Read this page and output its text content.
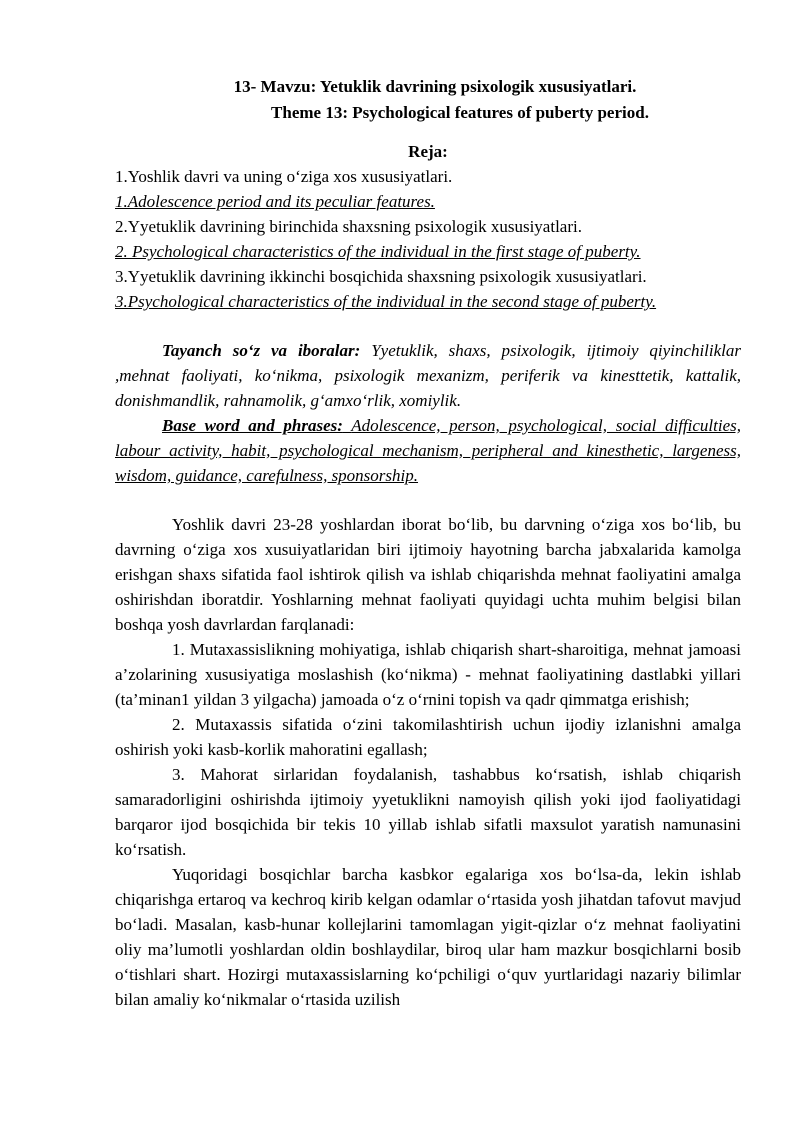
13- Mavzu: Yetuklik davrining psixologik xususiyatlari.
Theme 13: Psychological features of puberty period.
Reja:
1.Yoshlik davri va uning o‘ziga xos xususiyatlari.
1.Adolescence period and its peculiar features.
2.Yyetuklik davrining birinchida shaxsning psixologik xususiyatlari.
2. Psychological characteristics of the individual in the first stage of puberty.
3.Yyetuklik davrining ikkinchi bosqichida shaxsning psixologik xususiyatlari.
3.Psychological characteristics of the individual in the second stage of puberty.

Tayanch so‘z va iboralar: Yyetuklik, shaxs, psixologik, ijtimoiy qiyinchiliklar ,mehnat faoliyati, ko‘nikma, psixologik mexanizm, periferik va kinesttetik, kattalik, donishmandlik, rahnamolik, g‘amxo‘rlik, xomiylik.

Base word and phrases: Adolescence, person, psychological, social difficulties, labour activity, habit, psychological mechanism, peripheral and kinesthetic, largeness, wisdom, guidance, carefulness, sponsorship.

Yoshlik davri 23-28 yoshlardan iborat bo‘lib, bu darvning o‘ziga xos bo‘lib, bu davrning o‘ziga xos xusuiyatlaridan biri ijtimoiy hayotning barcha jabxalarida kamolga erishgan shaxs sifatida faol ishtirok qilish va ishlab chiqarishda mehnat faoliyatini amalga oshirishdan iboratdir. Yoshlarning mehnat faoliyati quyidagi uchta muhim belgisi bilan boshqa yosh davrlardan farqlanadi:

1. Mutaxassislikning mohiyatiga, ishlab chiqarish shart-sharoitiga, mehnat jamoasi a’zolarining xususiyatiga moslashish (ko‘nikma) - mehnat faoliyatining dastlabki yillari (ta’minan1 yildan 3 yilgacha) jamoada o‘z o‘rnini topish va qadr qimmatga erishish;

2. Mutaxassis sifatida o‘zini takomilashtirish uchun ijodiy izlanishni amalga oshirish yoki kasb-korlik mahoratini egallash;

3. Mahorat sirlaridan foydalanish, tashabbus ko‘rsatish, ishlab chiqarish samaradorligini oshirishda ijtimoiy yyetuklikni namoyish qilish yoki ijod faoliyatidagi barqaror ijod bosqichida bir tekis 10 yillab ishlab sifatli maxsulot yaratish namunasini ko‘rsatish.

Yuqoridagi bosqichlar barcha kasbkor egalariga xos bo‘lsa-da, lekin ishlab chiqarishga ertaroq va kechroq kirib kelgan odamlar o‘rtasida yosh jihatdan tafovut mavjud bo‘ladi. Masalan, kasb-hunar kollejlarini tamomlagan yigit-qizlar o‘z mehnat faoliyatini oliy ma’lumotli yoshlardan oldin boshlaydilar, biroq ular ham mazkur bosqichlarni bosib o‘tishlari shart. Hozirgi mutaxassislarning ko‘pchiligi o‘quv yurtlaridagi nazariy bilimlar bilan amaliy ko‘nikmalar o‘rtasida uzilish
